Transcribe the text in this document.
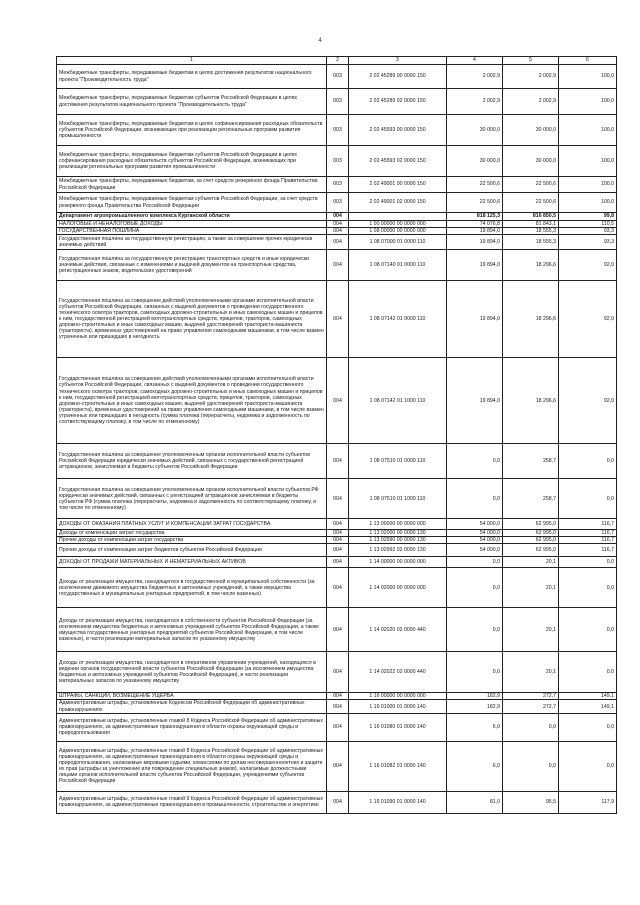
4
1	2	3	4	5	6
Межбюджетные трансферты, передаваемые бюджетам в целях достижения результатов национального проекта "Производительность труда"	003	2 02 45289 00 0000 150	2 002,9	2 002,9	100,0
Межбюджетные трансферты, передаваемые бюджетам субъектов Российской Федерации в целях достижения результатов национального проекта "Производительность труда"	003	2 02 45289 02 0000 150	2 002,9	2 002,9	100,0
Межбюджетные трансферты, передаваемые бюджетам в целях софинансирования расходных обязательств субъектов Российской Федерации, возникающих при реализации региональных программ развития промышленности	003	2 02 45593 00 0000 150	30 000,0	30 000,0	100,0
Межбюджетные трансферты, передаваемые бюджетам субъектов Российской Федерации в целях софинансирования расходных обязательств субъектов Российской Федерации, возникающих при реализации региональных программ развития промышленности	003	2 02 45593 02 0000 150	30 000,0	30 000,0	100,0
Межбюджетные трансферты, передаваемые бюджетам, за счет средств резервного фонда Правительства Российской Федерации	003	2 02 49001 00 0000 150	22 500,6	22 500,6	100,0
Межбюджетные трансферты, передаваемые бюджетам субъектов Российской Федерации, за счет средств резервного фонда Правительства Российской Федерации	003	2 02 49001 02 0000 150	22 500,6	22 500,6	100,0
Департамент агропромышленного комплекса Курганской области	004		818 125,3	816 850,5	99,8
НАЛОГОВЫЕ И НЕНАЛОГОВЫЕ ДОХОДЫ	004	1 00 00000 00 0000 000	74 076,8	81 843,1	110,5
ГОСУДАРСТВЕННАЯ ПОШЛИНА	004	1 08 00000 00 0000 000	19 894,0	18 555,3	93,3
Государственная пошлина за государственную регистрацию, а также за совершение прочих юридически значимых действий	004	1 08 07000 01 0000 110	19 894,0	18 555,3	93,3
Государственная пошлина за государственную регистрацию транспортных средств и иные юридически значимые действия, связанные с изменениями и выдачей документов на транспортные средства, регистрационных знаков, водительских удостоверений	004	1 08 07140 01 0000 110	19 894,0	18 296,6	92,0
Государственная пошлина за совершение действий уполномоченными органами исполнительной власти субъектов Российской Федерации, связанных с выдачей документов о проведении государственного технического осмотра тракторов, самоходных дорожно-строительных и иных самоходных машин и прицепов к ним, государственной регистрацией мототранспортных средств, прицепов, тракторов, самоходных дорожно-строительных и иных самоходных машин, выдачей удостоверений тракториста-машиниста (тракториста), временных удостоверений на право управления самоходными машинами, в том числе взамен утраченных или пришедших в негодность	004	1 08 07142 01 0000 110	19 894,0	18 296,6	92,0
Государственная пошлина за совершение действий уполномоченными органами исполнительной власти субъектов Российской Федерации, связанных с выдачей документов о проведении государственного технического осмотра тракторов, самоходных дорожно-строительных и иных самоходных машин и прицепов к ним, государственной регистрацией мототранспортных средств, прицепов, тракторов, самоходных дорожно-строительных и иных самоходных машин, выдачей удостоверений тракториста-машиниста (тракториста), временных удостоверений на право управления самоходными машинами, в том числе взамен утраченных или пришедших в негодность (сумма платежа (перерасчеты, недоимка и задолженность по соответствующему платежу, в том числе по отмененному)	004	1 08 07142 01 1000 110	19 894,0	18 296,6	92,0
Государственная пошлина за совершение уполномоченным органом исполнительной власти субъектов Российской Федерации юридически значимых действий, связанных с государственной регистрацией аттракционов, зачисляемая в бюджеты субъектов Российской Федерации	004	1 08 07510 01 0000 110	0,0	258,7	0,0
Государственная пошлина за совершение уполномоченным органом исполнительной власти субъектов РФ юридически значимых действий, связанных с регистрацией аттракционов зачисляемая в бюджеты субъектов РФ (сумма платежа (перерасчеты, недоимка и задолженность по соответствующему платежу, в том числе по отмененному)	004	1 08 07510 01 1000 110	0,0	258,7	0,0
ДОХОДЫ ОТ ОКАЗАНИЯ ПЛАТНЫХ УСЛУГ И КОМПЕНСАЦИИ ЗАТРАТ ГОСУДАРСТВА	004	1 13 00000 00 0000 000	54 000,0	62 995,0	116,7
Доходы от компенсации затрат государства	004	1 13 02000 00 0000 130	54 000,0	62 995,0	116,7
Прочие доходы от компенсации затрат государства	004	1 13 02990 00 0000 130	54 000,0	62 995,0	116,7
Прочие доходы от компенсации затрат бюджетов субъектов Российской Федерации	004	1 13 02992 02 0000 130	54 000,0	62 995,0	116,7
ДОХОДЫ ОТ ПРОДАЖИ МАТЕРИАЛЬНЫХ И НЕМАТЕРИАЛЬНЫХ АКТИВОВ	004	1 14 00000 00 0000 000	0,0	20,1	0,0
Доходы от реализации имущества, находящегося в государственной и муниципальной собственности (за исключением движимого имущества бюджетных и автономных учреждений, а также имущества государственных и муниципальных унитарных предприятий, в том числе казенных)	004	1 14 02000 00 0000 000	0,0	20,1	0,0
Доходы от реализации имущества, находящегося в собственности субъектов Российской Федерации (за исключением имущества бюджетных и автономных учреждений субъектов Российской Федерации, а также имущества государственных унитарных предприятий субъектов Российской Федерации, в том числе казенных), в части реализации материальных запасов по указанному имуществу	004	1 14 02020 02 0000 440	0,0	20,1	0,0
Доходы от реализации имущества, находящегося в оперативном управлении учреждений, находящихся в ведении органов государственной власти субъектов Российской Федерации (за исключением имущества бюджетных и автономных учреждений субъектов Российской Федерации), в части реализации материальных запасов по указанному имуществу	004	1 14 02022 02 0000 440	0,0	20,1	0,0
ШТРАФЫ, САНКЦИИ, ВОЗМЕЩЕНИЕ УЩЕРБА	004	1 16 00000 00 0000 000	182,9	272,7	149,1
Административные штрафы, установленные Кодексом Российской Федерации об административных правонарушениях	004	1 16 01000 01 0000 140	182,9	272,7	149,1
Административные штрафы, установленные главой 8 Кодекса Российской Федерации об административных правонарушениях, за административные правонарушения в области охраны окружающей среды и природопользования	004	1 16 01080 01 0000 140	6,0	0,0	0,0
Административные штрафы, установленные главой 8 Кодекса Российской Федерации об административных правонарушениях, за административные правонарушения в области охраны окружающей среды и природопользования, налагаемые мировыми судьями, комиссиями по делам несовершеннолетних и защите их прав (штрафы за уничтожение или повреждение специальных знаков), налагаемые должностными лицами органов исполнительной власти субъектов Российской Федерации, учреждениями субъектов Российской Федерации	004	1 16 01082 01 0000 140	6,0	0,0	0,0
Административные штрафы, установленные главой 9 Кодекса Российской Федерации об административных правонарушениях, за административные правонарушения в промышленности, строительстве и энергетике	004	1 16 01090 01 0000 140	81,0	95,5	117,9
